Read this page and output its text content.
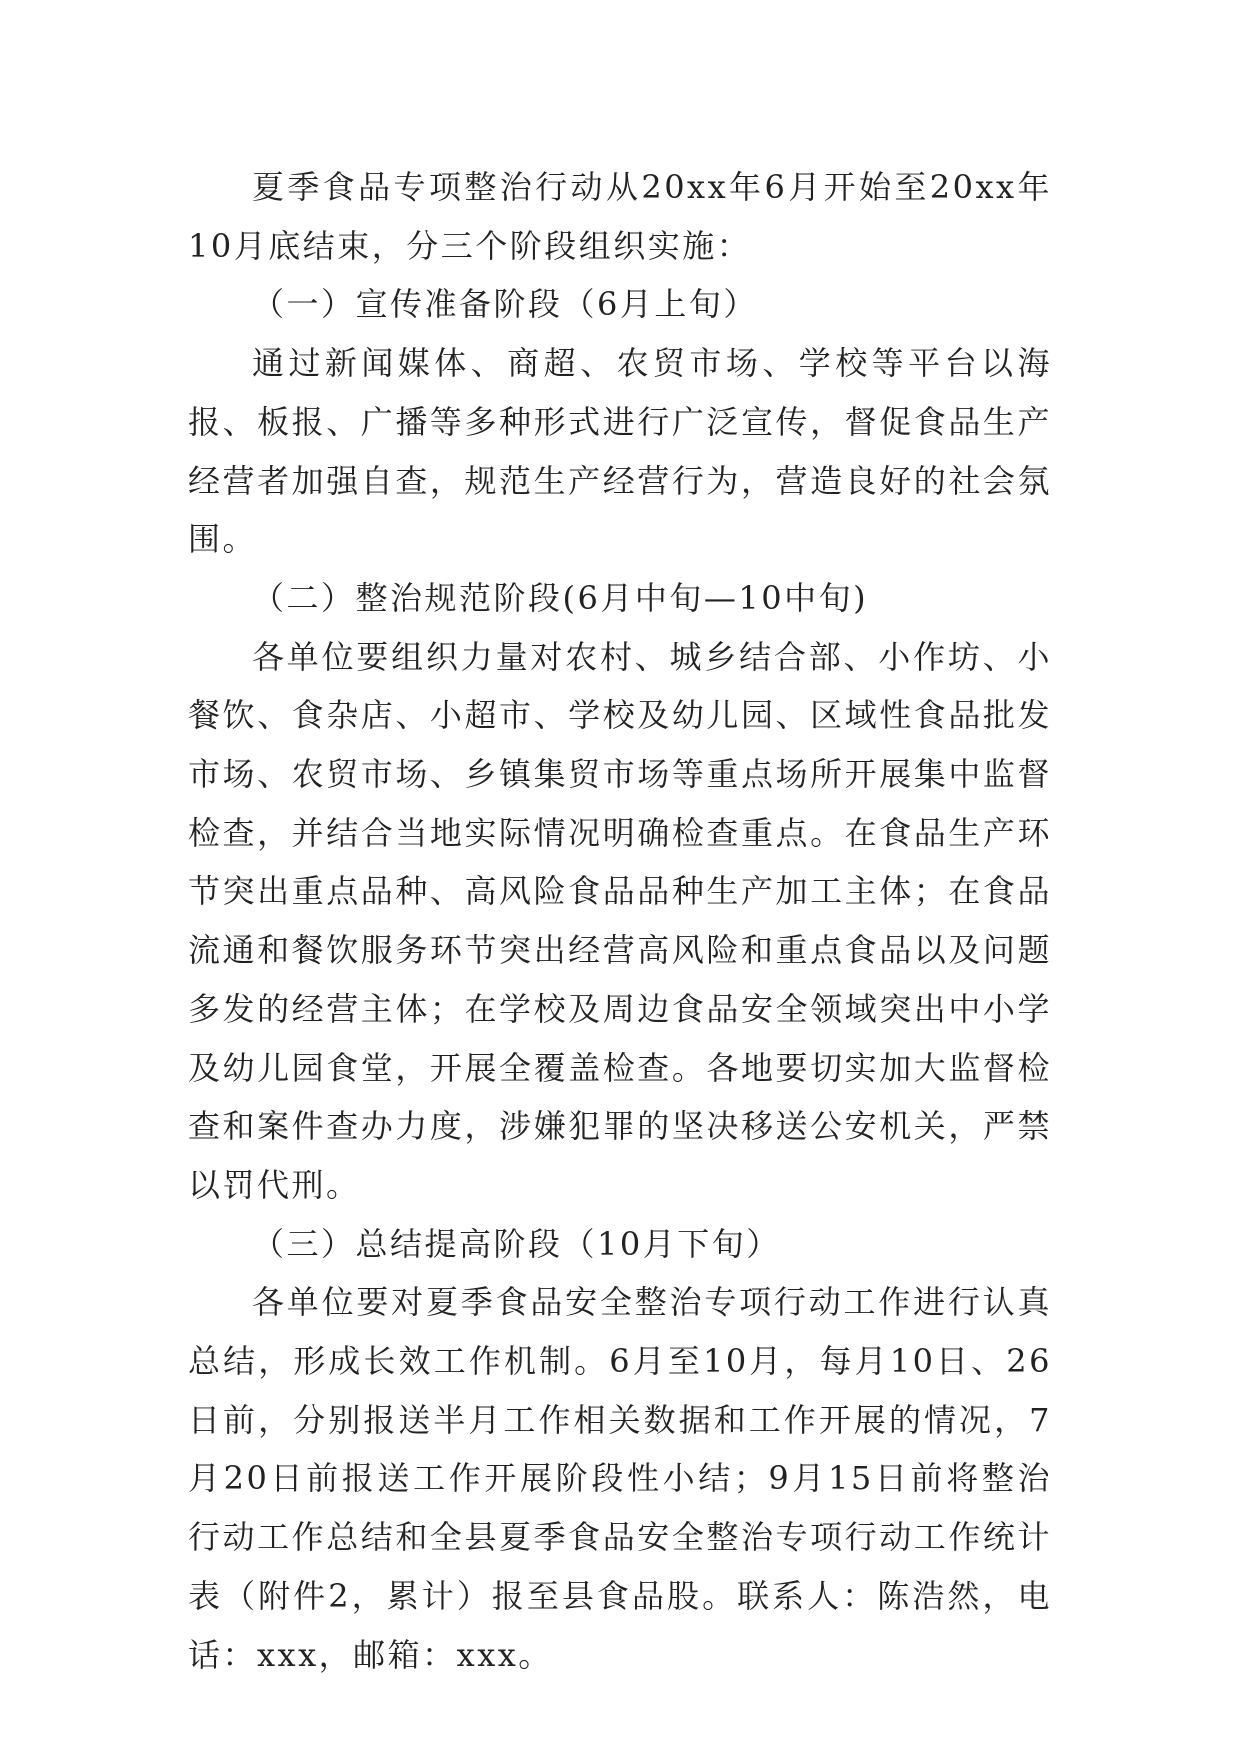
夏季食品专项整治行动从20xx年6月开始至20xx年10月底结束，分三个阶段组织实施：

（一）宣传准备阶段（6月上旬）

通过新闻媒体、商超、农贸市场、学校等平台以海报、板报、广播等多种形式进行广泛宣传，督促食品生产经营者加强自查，规范生产经营行为，营造良好的社会氛围。

（二）整治规范阶段(6月中旬—10中旬)

各单位要组织力量对农村、城乡结合部、小作坊、小餐饮、食杂店、小超市、学校及幼儿园、区域性食品批发市场、农贸市场、乡镇集贸市场等重点场所开展集中监督检查，并结合当地实际情况明确检查重点。在食品生产环节突出重点品种、高风险食品品种生产加工主体；在食品流通和餐饮服务环节突出经营高风险和重点食品以及问题多发的经营主体；在学校及周边食品安全领域突出中小学及幼儿园食堂，开展全覆盖检查。各地要切实加大监督检查和案件查办力度，涉嫌犯罪的坚决移送公安机关，严禁以罚代刑。

（三）总结提高阶段（10月下旬）

各单位要对夏季食品安全整治专项行动工作进行认真总结，形成长效工作机制。6月至10月，每月10日、26日前，分别报送半月工作相关数据和工作开展的情况，7月20日前报送工作开展阶段性小结；9月15日前将整治行动工作总结和全县夏季食品安全整治专项行动工作统计表（附件2，累计）报至县食品股。联系人：陈浩然，电话：xxx，邮箱：xxx。
